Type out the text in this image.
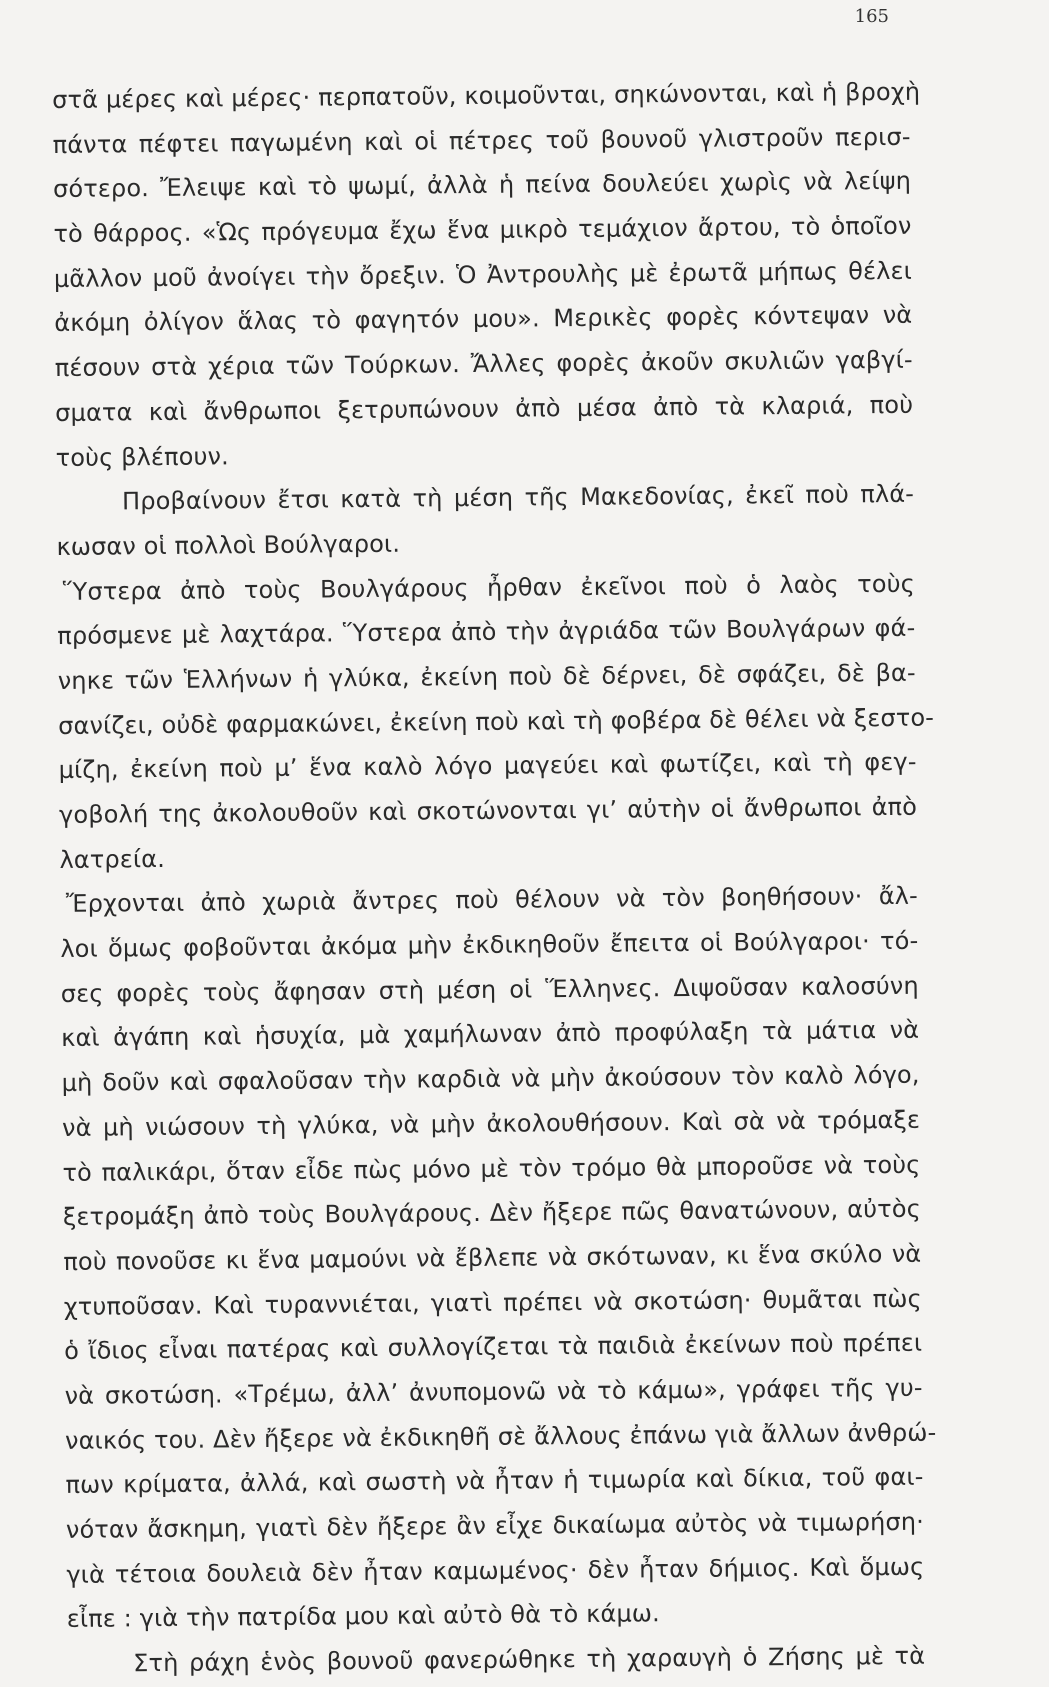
165
στᾶ μέρες καὶ μέρες· περπατοῦν, κοιμοῦνται, σηκώνονται, καὶ ἡ βροχὴ
πάντα πέφτει παγωμένη καὶ οἱ πέτρες τοῦ βουνοῦ γλιστροῦν περισ-
σότερο. Ἔλειψε καὶ τὸ ψωμί, ἀλλὰ ἡ πείνα δουλεύει χωρὶς νὰ λείψη
τὸ θάρρος. «Ὡς πρόγευμα ἔχω ἕνα μικρὸ τεμάχιον ἄρτου, τὸ ὁποῖον
μᾶλλον μοῦ ἀνοίγει τὴν ὄρεξιν. Ὁ Ἀντρουλὴς μὲ ἐρωτᾶ μήπως θέλει
ἀκόμη ὀλίγον ἅλας τὸ φαγητόν μου». Μερικὲς φορὲς κόντεψαν νὰ
πέσουν στὰ χέρια τῶν Τούρκων. Ἄλλες φορὲς ἀκοῦν σκυλιῶν γαβγί-
σματα καὶ ἄνθρωποι ξετρυπώνουν ἀπὸ μέσα ἀπὸ τὰ κλαριά, ποὺ
τοὺς βλέπουν.
Προβαίνουν ἔτσι κατὰ τὴ μέση τῆς Μακεδονίας, ἐκεῖ ποὺ πλά-
κωσαν οἱ πολλοὶ Βούλγαροι.
Ὕστερα ἀπὸ τοὺς Βουλγάρους ἦρθαν ἐκεῖνοι ποὺ ὁ λαὸς τοὺς
πρόσμενε μὲ λαχτάρα. Ὕστερα ἀπὸ τὴν ἀγριάδα τῶν Βουλγάρων φά-
νηκε τῶν Ἑλλήνων ἡ γλύκα, ἐκείνη ποὺ δὲ δέρνει, δὲ σφάζει, δὲ βα-
σανίζει, οὐδὲ φαρμακώνει, ἐκείνη ποὺ καὶ τὴ φοβέρα δὲ θέλει νὰ ξεστο-
μίζη, ἐκείνη ποὺ μ’ ἕνα καλὸ λόγο μαγεύει καὶ φωτίζει, καὶ τὴ φεγ-
γοβολή της ἀκολουθοῦν καὶ σκοτώνονται γι’ αὐτὴν οἱ ἄνθρωποι ἀπὸ
λατρεία.
Ἔρχονται ἀπὸ χωριὰ ἄντρες ποὺ θέλουν νὰ τὸν βοηθήσουν· ἄλ-
λοι ὅμως φοβοῦνται ἀκόμα μὴν ἐκδικηθοῦν ἔπειτα οἱ Βούλγαροι· τό-
σες φορὲς τοὺς ἄφησαν στὴ μέση οἱ Ἕλληνες. Διψοῦσαν καλοσύνη
καὶ ἀγάπη καὶ ἡσυχία, μὰ χαμήλωναν ἀπὸ προφύλαξη τὰ μάτια νὰ
μὴ δοῦν καὶ σφαλοῦσαν τὴν καρδιὰ νὰ μὴν ἀκούσουν τὸν καλὸ λόγο,
νὰ μὴ νιώσουν τὴ γλύκα, νὰ μὴν ἀκολουθήσουν. Καὶ σὰ νὰ τρόμαξε
τὸ παλικάρι, ὅταν εἶδε πὼς μόνο μὲ τὸν τρόμο θὰ μποροῦσε νὰ τοὺς
ξετρομάξη ἀπὸ τοὺς Βουλγάρους. Δὲν ἤξερε πῶς θανατώνουν, αὐτὸς
ποὺ πονοῦσε κι ἕνα μαμούνι νὰ ἔβλεπε νὰ σκότωναν, κι ἕνα σκύλο νὰ
χτυποῦσαν. Καὶ τυραννιέται, γιατὶ πρέπει νὰ σκοτώση· θυμᾶται πὼς
ὁ ἴδιος εἶναι πατέρας καὶ συλλογίζεται τὰ παιδιὰ ἐκείνων ποὺ πρέπει
νὰ σκοτώση. «Τρέμω, ἀλλ’ ἀνυπομονῶ νὰ τὸ κάμω», γράφει τῆς γυ-
ναικός του. Δὲν ἤξερε νὰ ἐκδικηθῆ σὲ ἄλλους ἐπάνω γιὰ ἄλλων ἀνθρώ-
πων κρίματα, ἀλλά, καὶ σωστὴ νὰ ἦταν ἡ τιμωρία καὶ δίκια, τοῦ φαι-
νόταν ἄσκημη, γιατὶ δὲν ἤξερε ἂν εἶχε δικαίωμα αὐτὸς νὰ τιμωρήση·
γιὰ τέτοια δουλειὰ δὲν ἦταν καμωμένος· δὲν ἦταν δήμιος. Καὶ ὅμως
εἶπε : γιὰ τὴν πατρίδα μου καὶ αὐτὸ θὰ τὸ κάμω.
Στὴ ράχη ἑνὸς βουνοῦ φανερώθηκε τὴ χαραυγὴ ὁ Ζήσης μὲ τὰ
